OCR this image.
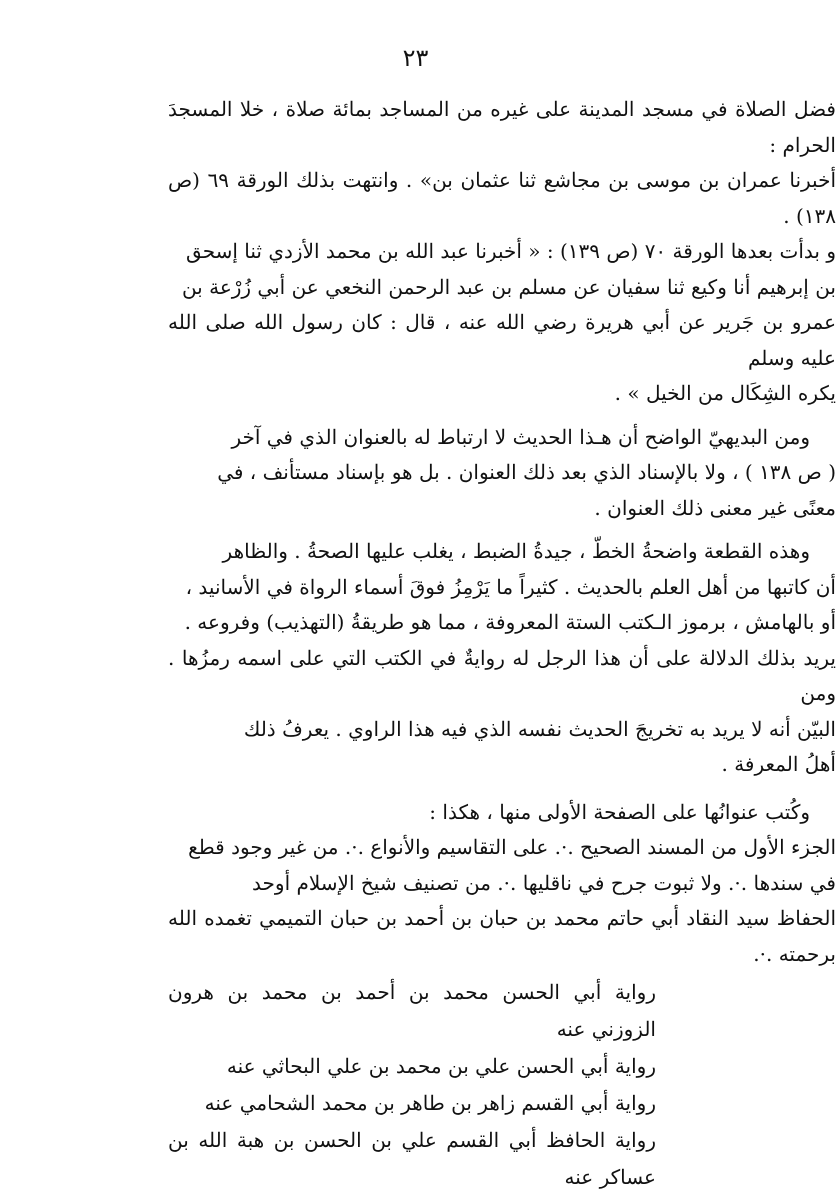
٢٣

فضل الصلاة في مسجد المدينة على غيره من المساجد بمائة صلاة ، خلا المسجدَ الحرام :
أخبرنا عمران بن موسى بن مجاشع ثنا عثمان بن» . وانتهت بذلك الورقة ٦٩ (ص ١٣٨) .
و بدأت بعدها الورقة ٧٠ (ص ١٣٩) : « أخبرنا عبد الله بن محمد الأزدي ثنا إسحق
بن إبرهيم أنا وكيع ثنا سفيان عن مسلم بن عبد الرحمن النخعي عن أبي زُرْعة بن
عمرو بن جَرير عن أبي هريرة رضي الله عنه ، قال : كان رسول الله صلى الله عليه وسلم
يكره الشِكَال من الخيل » .

ومن البديهيّ الواضح أن هـذا الحديث لا ارتباط له بالعنوان الذي في آخر
( ص ١٣٨ ) ، ولا بالإسناد الذي بعد ذلك العنوان . بل هو بإسناد مستأنف ، في
معنًى غير معنى ذلك العنوان .

وهذه القطعة واضحةُ الخطّ ، جيدةُ الضبط ، يغلب عليها الصحةُ . والظاهر
أن كاتبها من أهل العلم بالحديث . كثيراً ما يَرْمِزُ فوقَ أسماء الرواة في الأسانيد ،
أو بالهامش ، برموز الـكتب الستة المعروفة ، مما هو طريقةُ (التهذيب) وفروعه .
يريد بذلك الدلالة على أن هذا الرجل له روايةٌ في الكتب التي على اسمه رمزُها . ومن
البيّن أنه لا يريد به تخريجَ الحديث نفسه الذي فيه هذا الراوي . يعرفُ ذلك
أهلُ المعرفة .

وكُتب عنوانُها على الصفحة الأولى منها ، هكذا :

الجزء الأول من المسند الصحيح .·. على التقاسيم والأنواع .·. من غير وجود قطع
في سندها .·. ولا ثبوت جرح في ناقليها .·. من تصنيف شيخ الإسلام أوحد
الحفاظ سيد النقاد أبي حاتم محمد بن حبان بن أحمد بن حبان التميمي تغمده الله برحمته .·.

رواية أبي الحسن محمد بن أحمد بن محمد بن هرون الزوزني عنه
رواية أبي الحسن علي بن محمد بن علي البحاثي عنه
رواية أبي القسم زاهر بن طاهر بن محمد الشحامي عنه
رواية الحافظ أبي القسم علي بن الحسن بن هبة الله بن عساكر عنه
